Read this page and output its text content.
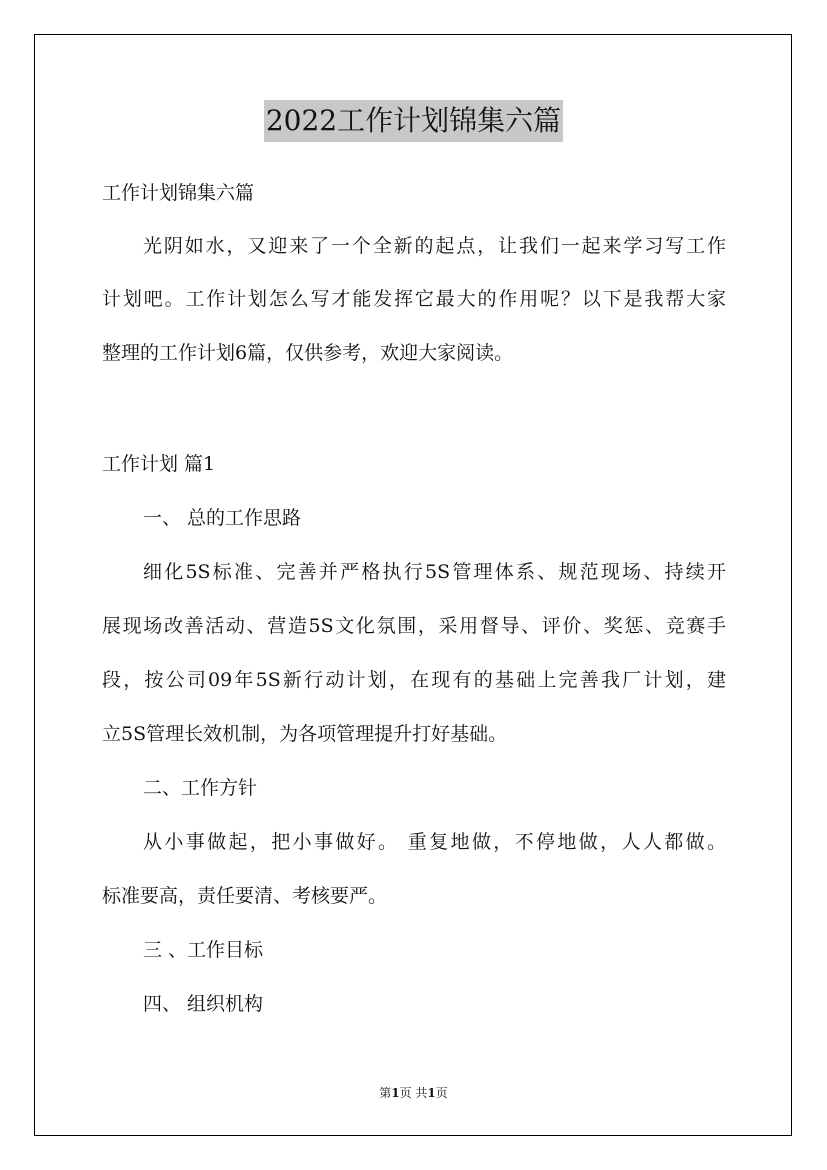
2022工作计划锦集六篇
工作计划锦集六篇
光阴如水，又迎来了一个全新的起点，让我们一起来学习写工作
计划吧。工作计划怎么写才能发挥它最大的作用呢？以下是我帮大家
整理的工作计划6篇，仅供参考，欢迎大家阅读。
工作计划 篇1
一、 总的工作思路
细化5S标准、完善并严格执行5S管理体系、规范现场、持续开
展现场改善活动、营造5S文化氛围，采用督导、评价、奖惩、竞赛手
段，按公司09年5S新行动计划，在现有的基础上完善我厂计划，建
立5S管理长效机制，为各项管理提升打好基础。
二、工作方针
从小事做起，把小事做好。 重复地做，不停地做，人人都做。
标准要高，责任要清、考核要严。
三 、工作目标
四、 组织机构
第1页 共1页
